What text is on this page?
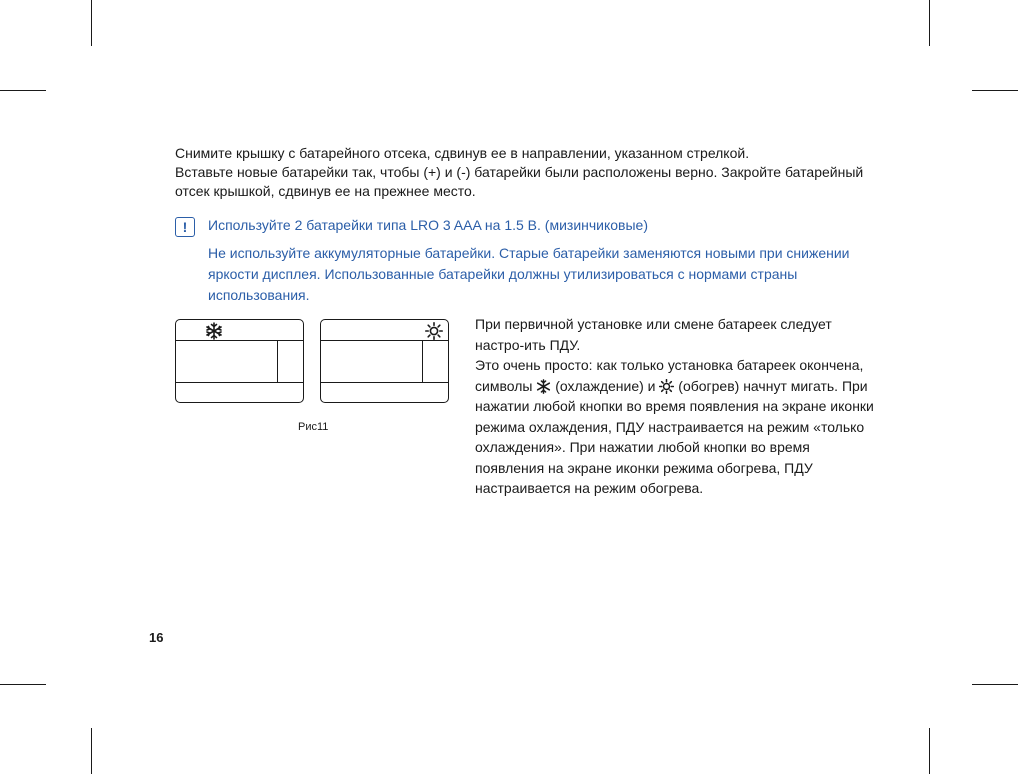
Снимите крышку с батарейного отсека, сдвинув ее в направлении, указанном стрелкой.

Вставьте новые батарейки так, чтобы (+) и (-) батарейки были расположены верно. Закройте батарейный отсек крышкой, сдвинув ее на прежнее место.

!	Используйте 2 батарейки типа LRO 3 AAA на 1.5 В. (мизинчиковые)
Не используйте аккумуляторные батарейки. Старые батарейки заменяются новыми при снижении яркости дисплея. Использованные батарейки должны утилизироваться с нормами страны использования.
Рис11

При первичной установке или смене батареек следует настро-ить ПДУ.

Это очень просто: как только установка батареек окончена, символы (охлаждение) и (обогрев) начнут мигать. При нажатии любой кнопки во время появления на экране иконки режима охлаждения, ПДУ настраивается на режим «только охлаждения». При нажатии любой кнопки во время появления на экране иконки режима обогрева, ПДУ настраивается на режим обогрева.

16
